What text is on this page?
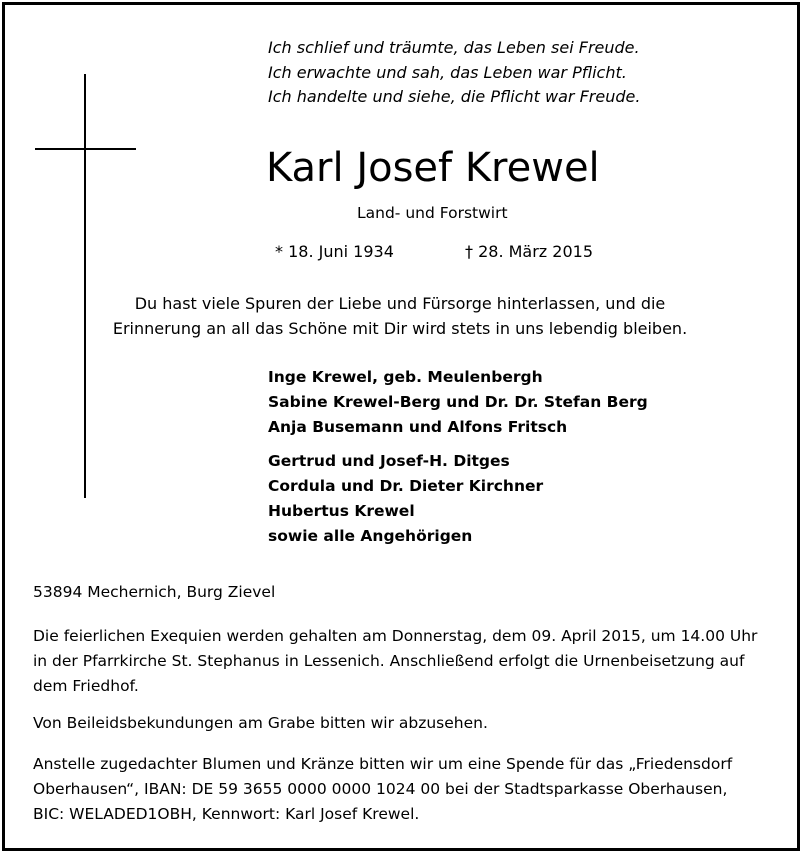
Ich schlief und träumte, das Leben sei Freude.
Ich erwachte und sah, das Leben war Pflicht.
Ich handelte und siehe, die Pflicht war Freude.
Karl Josef Krewel
Land- und Forstwirt
* 18. Juni 1934	† 28. März 2015
Du hast viele Spuren der Liebe und Fürsorge hinterlassen, und die
Erinnerung an all das Schöne mit Dir wird stets in uns lebendig bleiben.
Inge Krewel, geb. Meulenbergh
Sabine Krewel-Berg und Dr. Dr. Stefan Berg
Anja Busemann und Alfons Fritsch
Gertrud und Josef-H. Ditges
Cordula und Dr. Dieter Kirchner
Hubertus Krewel
sowie alle Angehörigen
53894 Mechernich, Burg Zievel
Die feierlichen Exequien werden gehalten am Donnerstag, dem 09. April 2015, um 14.00 Uhr
in der Pfarrkirche St. Stephanus in Lessenich. Anschließend erfolgt die Urnenbeisetzung auf
dem Friedhof.
Von Beileidsbekundungen am Grabe bitten wir abzusehen.
Anstelle zugedachter Blumen und Kränze bitten wir um eine Spende für das „Friedensdorf
Oberhausen“, IBAN: DE 59 3655 0000 0000 1024 00 bei der Stadtsparkasse Oberhausen,
BIC: WELADED1OBH, Kennwort: Karl Josef Krewel.
